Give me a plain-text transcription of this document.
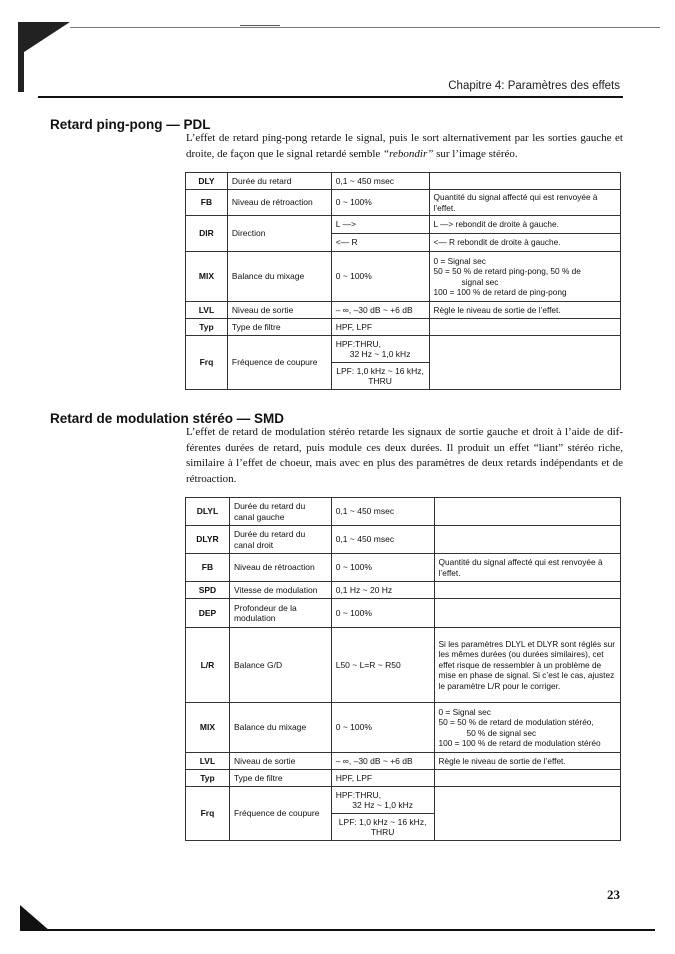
Chapitre 4: Paramètres des effets
Retard ping-pong — PDL
L’effet de retard ping-pong retarde le signal, puis le sort alternativement par les sorties gauche et droite, de façon que le signal retardé semble “rebondir” sur l’image stéréo.
DLY	Durée du retard	0,1 ~ 450 msec	
FB	Niveau de rétroaction	0 ~ 100%	Quantité du signal affecté qui est renvoyée à l’effet.
DIR	Direction	L —>	L —> rebondit de droite à gauche.
		<— R	<— R rebondit de droite à gauche.
MIX	Balance du mixage	0 ~ 100%	0 = Signal sec
50 = 50 % de retard ping-pong, 50 % de
signal sec
100 = 100 % de retard de ping-pong

LVL	Niveau de sortie	– ∞, –30 dB ~ +6 dB	Règle le niveau de sortie de l’effet.
Typ	Type de filtre	HPF, LPF	
Frq	Fréquence de coupure	HPF:THRU,
32 Hz ~ 1,0 kHz	

		LPF: 1,0 kHz ~ 16 kHz,
THRU	
Retard de modulation stéréo — SMD
L’effet de retard de modulation stéréo retarde les signaux de sortie gauche et droit à l’aide de dif-férentes durées de retard, puis module ces deux durées. Il produit un effet “liant” stéréo riche, similaire à l’effet de choeur, mais avec en plus des paramètres de deux retards indépendants et de rétroaction.
DLYL	Durée du retard du canal gauche	0,1 ~ 450 msec	
DLYR	Durée du retard du canal droit	0,1 ~ 450 msec	
FB	Niveau de rétroaction	0 ~ 100%	Quantité du signal affecté qui est renvoyée à l’effet.
SPD	Vitesse de modulation	0,1 Hz ~ 20 Hz	
DEP	Profondeur de la modulation	0 ~ 100%	
L/R	Balance G/D	L50 ~ L=R ~ R50	Si les paramètres DLYL et DLYR sont réglés sur les mêmes durées (ou durées similaires), cet effet risque de ressembler à un problème de mise en phase de signal. Si c’est le cas, ajustez le paramètre L/R pour le corriger.
MIX	Balance du mixage	0 ~ 100%	0 = Signal sec
50 = 50 % de retard de modulation stéréo,
50 % de signal sec
100 = 100 % de retard de modulation stéréo

LVL	Niveau de sortie	– ∞, –30 dB ~ +6 dB	Règle le niveau de sortie de l’effet.
Typ	Type de filtre	HPF, LPF	
Frq	Fréquence de coupure	HPF:THRU,
32 Hz ~ 1,0 kHz	

		LPF: 1,0 kHz ~ 16 kHz,
THRU	
23
